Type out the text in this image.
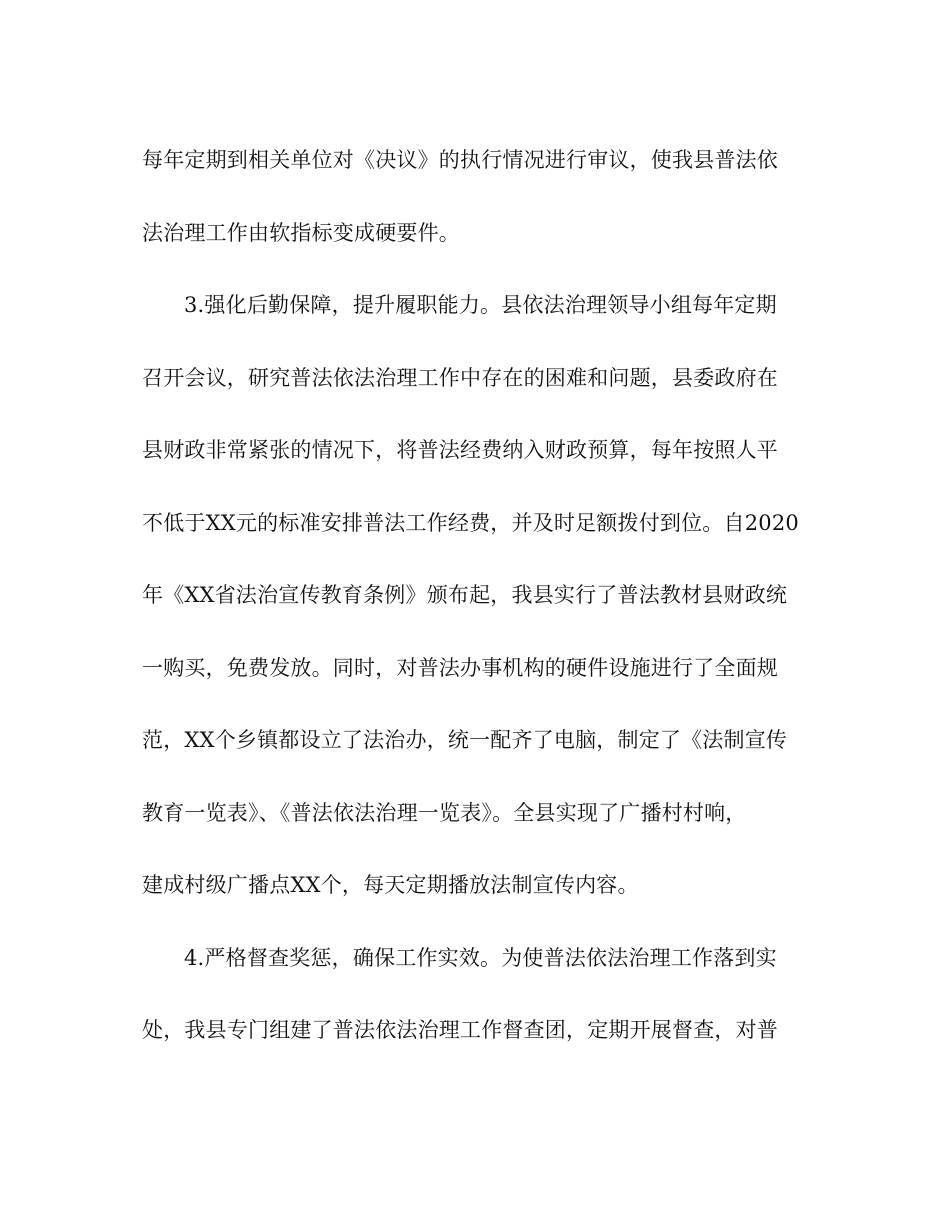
每年定期到相关单位对《决议》的执行情况进行审议，使我县普法依
法治理工作由软指标变成硬要件。
3.强化后勤保障，提升履职能力。县依法治理领导小组每年定期
召开会议，研究普法依法治理工作中存在的困难和问题，县委政府在
县财政非常紧张的情况下，将普法经费纳入财政预算，每年按照人平
不低于XX元的标准安排普法工作经费，并及时足额拨付到位。自2020
年《XX省法治宣传教育条例》颁布起，我县实行了普法教材县财政统
一购买，免费发放。同时，对普法办事机构的硬件设施进行了全面规
范，XX个乡镇都设立了法治办，统一配齐了电脑，制定了《法制宣传
教育一览表》、《普法依法治理一览表》。全县实现了广播村村响，
建成村级广播点XX个，每天定期播放法制宣传内容。
4.严格督查奖惩，确保工作实效。为使普法依法治理工作落到实
处，我县专门组建了普法依法治理工作督查团，定期开展督查，对普
